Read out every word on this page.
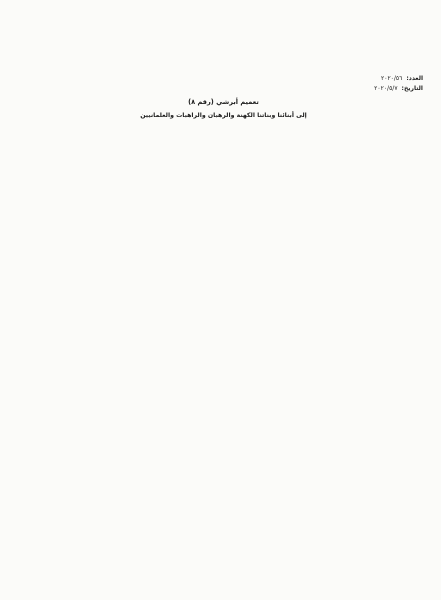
العدد:٢٠٢٠/٥٦
التاريخ:٢٠٢٠/٥/٧
تعميم أبرشي (رقم ٨)
إلى أبنائنا وبناتنا الكهنة والرهبان والراهبات والعلمانيين
